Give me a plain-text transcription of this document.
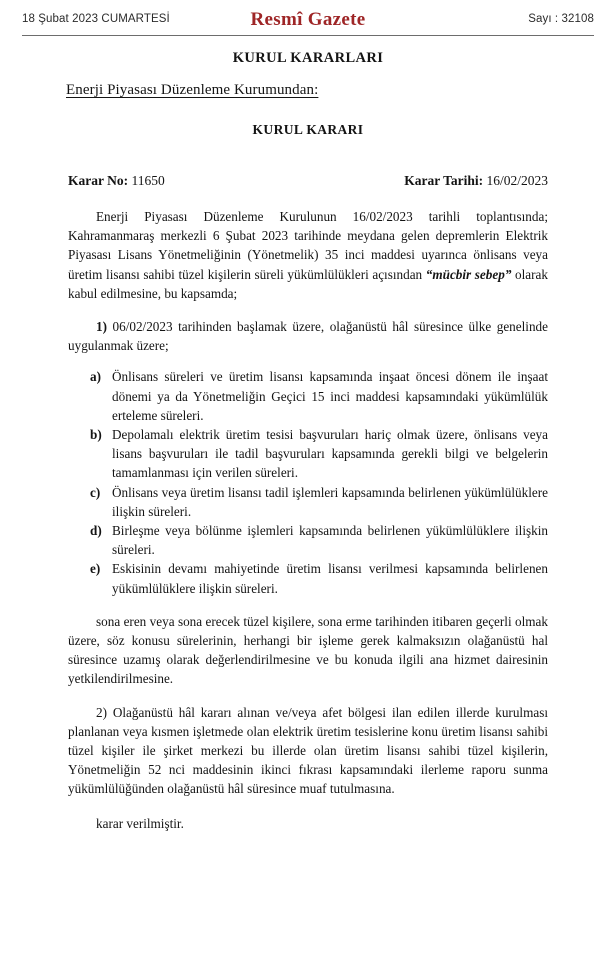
18 Şubat 2023 CUMARTESİ	Resmî Gazete	Sayı : 32108
KURUL KARARLARI
Enerji Piyasası Düzenleme Kurumundan:
KURUL KARARI
Karar No: 11650	Karar Tarihi: 16/02/2023

Enerji Piyasası Düzenleme Kurulunun 16/02/2023 tarihli toplantısında; Kahramanmaraş merkezli 6 Şubat 2023 tarihinde meydana gelen depremlerin Elektrik Piyasası Lisans Yönetmeliğinin (Yönetmelik) 35 inci maddesi uyarınca önlisans veya üretim lisansı sahibi tüzel kişilerin süreli yükümlülükleri açısından “mücbir sebep” olarak kabul edilmesine, bu kapsamda;

1) 06/02/2023 tarihinden başlamak üzere, olağanüstü hâl süresince ülke genelinde uygulanmak üzere;

a) Önlisans süreleri ve üretim lisansı kapsamında inşaat öncesi dönem ile inşaat dönemi ya da Yönetmeliğin Geçici 15 inci maddesi kapsamındaki yükümlülük erteleme süreleri.
b) Depolamalı elektrik üretim tesisi başvuruları hariç olmak üzere, önlisans veya lisans başvuruları ile tadil başvuruları kapsamında gerekli bilgi ve belgelerin tamamlanması için verilen süreleri.
c) Önlisans veya üretim lisansı tadil işlemleri kapsamında belirlenen yükümlülüklere ilişkin süreleri.
d) Birleşme veya bölünme işlemleri kapsamında belirlenen yükümlülüklere ilişkin süreleri.
e) Eskisinin devamı mahiyetinde üretim lisansı verilmesi kapsamında belirlenen yükümlülüklere ilişkin süreleri.

sona eren veya sona erecek tüzel kişilere, sona erme tarihinden itibaren geçerli olmak üzere, söz konusu sürelerinin, herhangi bir işleme gerek kalmaksızın olağanüstü hal süresince uzamış olarak değerlendirilmesine ve bu konuda ilgili ana hizmet dairesinin yetkilendirilmesine.

2) Olağanüstü hâl kararı alınan ve/veya afet bölgesi ilan edilen illerde kurulması planlanan veya kısmen işletmede olan elektrik üretim tesislerine konu üretim lisansı sahibi tüzel kişiler ile şirket merkezi bu illerde olan üretim lisansı sahibi tüzel kişilerin, Yönetmeliğin 52 nci maddesinin ikinci fıkrası kapsamındaki ilerleme raporu sunma yükümlülüğünden olağanüstü hâl süresince muaf tutulmasına.

karar verilmiştir.
